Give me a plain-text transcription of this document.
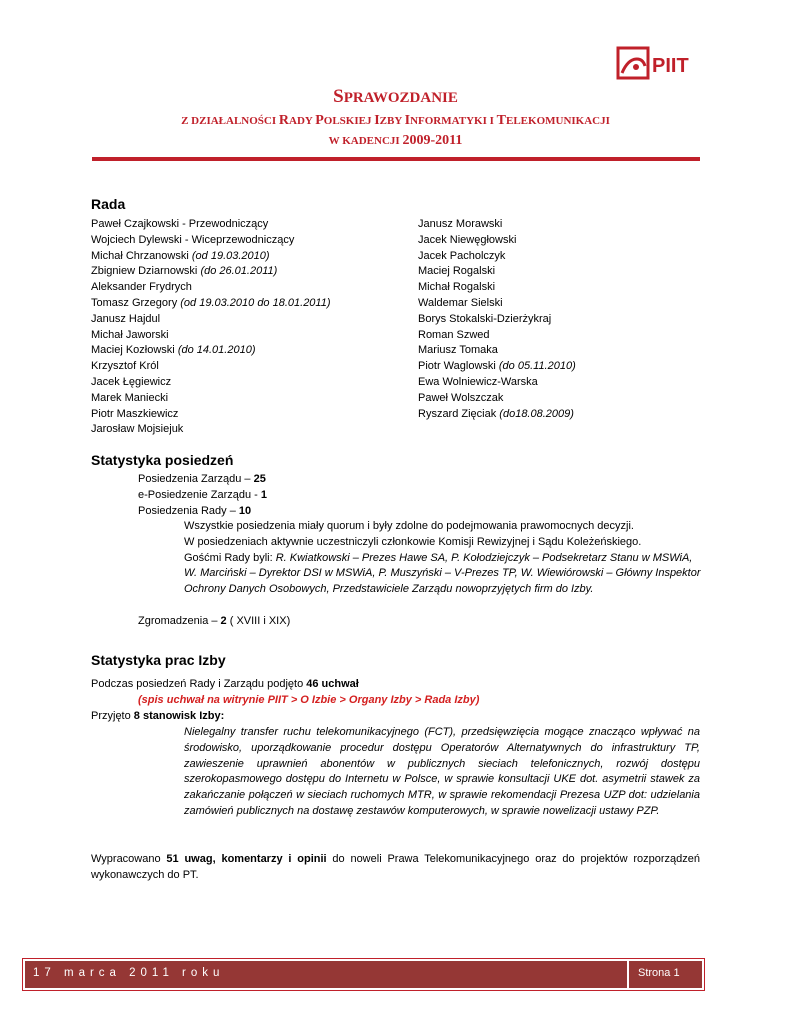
PIIT
SPRAWOZDANIE
Z DZIAŁALNOŚCI RADY POLSKIEJ IZBY INFORMATYKI I TELEKOMUNIKACJI
W KADENCJI 2009-2011
Rada
Paweł Czajkowski - Przewodniczący
Wojciech Dylewski - Wiceprzewodniczący
Michał Chrzanowski (od 19.03.2010)
Zbigniew Dziarnowski (do 26.01.2011)
Aleksander Frydrych
Tomasz Grzegory (od 19.03.2010 do 18.01.2011)
Janusz Hajdul
Michał Jaworski
Maciej Kozłowski (do 14.01.2010)
Krzysztof Król
Jacek Łęgiewicz
Marek Maniecki
Piotr Maszkiewicz
Jarosław Mojsiejuk
Janusz Morawski
Jacek Niewęgłowski
Jacek Pacholczyk
Maciej Rogalski
Michał Rogalski
Waldemar Sielski
Borys Stokalski-Dzierżykraj
Roman Szwed
Mariusz Tomaka
Piotr Waglowski (do 05.11.2010)
Ewa Wolniewicz-Warska
Paweł Wolszczak
Ryszard Zięciak (do18.08.2009)
Statystyka posiedzeń
Posiedzenia Zarządu – 25
e-Posiedzenie Zarządu - 1
Posiedzenia Rady – 10
Wszystkie posiedzenia miały quorum i były zdolne do podejmowania prawomocnych decyzji.
W posiedzeniach aktywnie uczestniczyli członkowie Komisji Rewizyjnej i Sądu Koleżeńskiego.
Gośćmi Rady byli: R. Kwiatkowski – Prezes Hawe SA, P. Kołodziejczyk – Podsekretarz Stanu w MSWiA, W. Marciński – Dyrektor DSI w MSWiA, P. Muszyński – V-Prezes TP, W. Wiewiórowski – Główny Inspektor Ochrony Danych Osobowych, Przedstawiciele Zarządu nowoprzyjętych firm do Izby.
Zgromadzenia – 2 ( XVIII i XIX)
Statystyka prac Izby
Podczas posiedzeń Rady i Zarządu podjęto 46 uchwał
(spis uchwał na witrynie PIIT > O Izbie > Organy Izby > Rada Izby)
Przyjęto 8 stanowisk Izby:
Nielegalny transfer ruchu telekomunikacyjnego (FCT), przedsięwzięcia mogące znacząco wpływać na środowisko, uporządkowanie procedur dostępu Operatorów Alternatywnych do infrastruktury TP, zawieszenie uprawnień abonentów w publicznych sieciach telefonicznych, rozwój dostępu szerokopasmowego dostępu do Internetu w Polsce, w sprawie konsultacji UKE dot. asymetrii stawek za zakańczanie połączeń w sieciach ruchomych MTR, w sprawie rekomendacji Prezesa UZP dot: udzielania zamówień publicznych na dostawę zestawów komputerowych, w sprawie nowelizacji ustawy PZP.
Wypracowano 51 uwag, komentarzy i opinii do noweli Prawa Telekomunikacyjnego oraz do projektów rozporządzeń wykonawczych do PT.
17 marca 2011 roku	Strona 1
